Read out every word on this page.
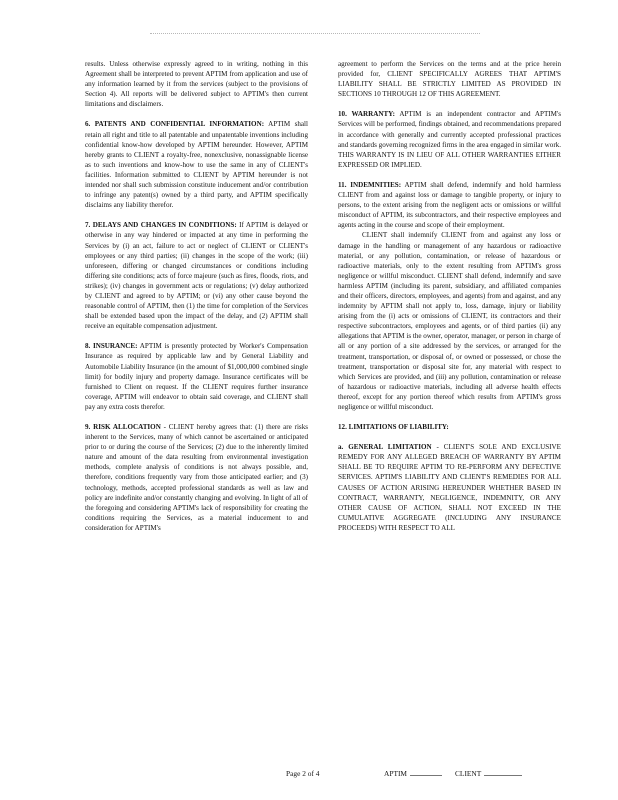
results. Unless otherwise expressly agreed to in writing, nothing in this Agreement shall be interpreted to prevent APTIM from application and use of any information learned by it from the services (subject to the provisions of Section 4). All reports will be delivered subject to APTIM's then current limitations and disclaimers.

6. PATENTS AND CONFIDENTIAL INFORMATION: APTIM shall retain all right and title to all patentable and unpatentable inventions including confidential know-how developed by APTIM hereunder. However, APTIM hereby grants to CLIENT a royalty-free, nonexclusive, nonassignable license as to such inventions and know-how to use the same in any of CLIENT's facilities. Information submitted to CLIENT by APTIM hereunder is not intended nor shall such submission constitute inducement and/or contribution to infringe any patent(s) owned by a third party, and APTIM specifically disclaims any liability therefor.

7. DELAYS AND CHANGES IN CONDITIONS: If APTIM is delayed or otherwise in any way hindered or impacted at any time in performing the Services by (i) an act, failure to act or neglect of CLIENT or CLIENT's employees or any third parties; (ii) changes in the scope of the work; (iii) unforeseen, differing or changed circumstances or conditions including differing site conditions; acts of force majeure (such as fires, floods, riots, and strikes); (iv) changes in government acts or regulations; (v) delay authorized by CLIENT and agreed to by APTIM; or (vi) any other cause beyond the reasonable control of APTIM, then (1) the time for completion of the Services shall be extended based upon the impact of the delay, and (2) APTIM shall receive an equitable compensation adjustment.

8. INSURANCE: APTIM is presently protected by Worker's Compensation Insurance as required by applicable law and by General Liability and Automobile Liability Insurance (in the amount of $1,000,000 combined single limit) for bodily injury and property damage. Insurance certificates will be furnished to Client on request. If the CLIENT requires further insurance coverage, APTIM will endeavor to obtain said coverage, and CLIENT shall pay any extra costs therefor.

9. RISK ALLOCATION - CLIENT hereby agrees that: (1) there are risks inherent to the Services, many of which cannot be ascertained or anticipated prior to or during the course of the Services; (2) due to the inherently limited nature and amount of the data resulting from environmental investigation methods, complete analysis of conditions is not always possible, and, therefore, conditions frequently vary from those anticipated earlier; and (3) technology, methods, accepted professional standards as well as law and policy are indefinite and/or constantly changing and evolving. In light of all of the foregoing and considering APTIM's lack of responsibility for creating the conditions requiring the Services, as a material inducement to and consideration for APTIM's

agreement to perform the Services on the terms and at the price herein provided for, CLIENT SPECIFICALLY AGREES THAT APTIM'S LIABILITY SHALL BE STRICTLY LIMITED AS PROVIDED IN SECTIONS 10 THROUGH 12 OF THIS AGREEMENT.

10. WARRANTY: APTIM is an independent contractor and APTIM's Services will be performed, findings obtained, and recommendations prepared in accordance with generally and currently accepted professional practices and standards governing recognized firms in the area engaged in similar work. THIS WARRANTY IS IN LIEU OF ALL OTHER WARRANTIES EITHER EXPRESSED OR IMPLIED.

11. INDEMNITIES: APTIM shall defend, indemnify and hold harmless CLIENT from and against loss or damage to tangible property, or injury to persons, to the extent arising from the negligent acts or omissions or willful misconduct of APTIM, its subcontractors, and their respective employees and agents acting in the course and scope of their employment.

CLIENT shall indemnify CLIENT from and against any loss or damage in the handling or management of any hazardous or radioactive material, or any pollution, contamination, or release of hazardous or radioactive materials, only to the extent resulting from APTIM's gross negligence or willful misconduct. CLIENT shall defend, indemnify and save harmless APTIM (including its parent, subsidiary, and affiliated companies and their officers, directors, employees, and agents) from and against, and any indemnity by APTIM shall not apply to, loss, damage, injury or liability arising from the (i) acts or omissions of CLIENT, its contractors and their respective subcontractors, employees and agents, or of third parties (ii) any allegations that APTIM is the owner, operator, manager, or person in charge of all or any portion of a site addressed by the services, or arranged for the treatment, transportation, or disposal of, or owned or possessed, or chose the treatment, transportation or disposal site for, any material with respect to which Services are provided, and (iii) any pollution, contamination or release of hazardous or radioactive materials, including all adverse health effects thereof, except for any portion thereof which results from APTIM's gross negligence or willful misconduct.

12. LIMITATIONS OF LIABILITY:

a. GENERAL LIMITATION - CLIENT'S SOLE AND EXCLUSIVE REMEDY FOR ANY ALLEGED BREACH OF WARRANTY BY APTIM SHALL BE TO REQUIRE APTIM TO RE-PERFORM ANY DEFECTIVE SERVICES. APTIM'S LIABILITY AND CLIENT'S REMEDIES FOR ALL CAUSES OF ACTION ARISING HEREUNDER WHETHER BASED IN CONTRACT, WARRANTY, NEGLIGENCE, INDEMNITY, OR ANY OTHER CAUSE OF ACTION, SHALL NOT EXCEED IN THE CUMULATIVE AGGREGATE (INCLUDING ANY INSURANCE PROCEEDS) WITH RESPECT TO ALL

Page 2 of 4	APTIM	CLIENT
